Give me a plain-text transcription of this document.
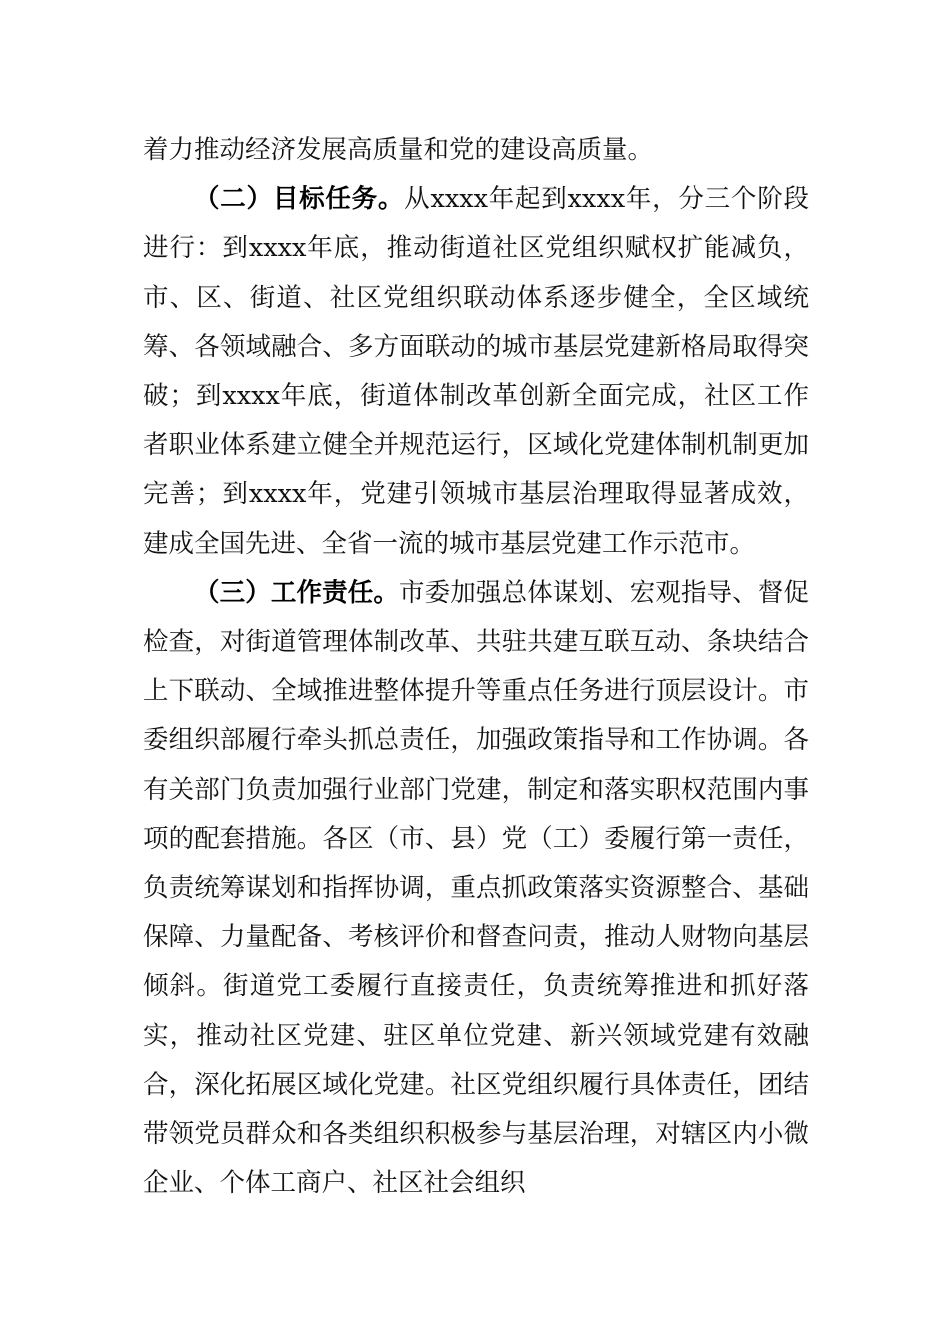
着力推动经济发展高质量和党的建设高质量。

（二）目标任务。从xxxx年起到xxxx年，分三个阶段进行：到xxxx年底，推动街道社区党组织赋权扩能减负，市、区、街道、社区党组织联动体系逐步健全，全区域统筹、各领域融合、多方面联动的城市基层党建新格局取得突破；到xxxx年底，街道体制改革创新全面完成，社区工作者职业体系建立健全并规范运行，区域化党建体制机制更加完善；到xxxx年，党建引领城市基层治理取得显著成效，建成全国先进、全省一流的城市基层党建工作示范市。

（三）工作责任。市委加强总体谋划、宏观指导、督促检查，对街道管理体制改革、共驻共建互联互动、条块结合上下联动、全域推进整体提升等重点任务进行顶层设计。市委组织部履行牵头抓总责任，加强政策指导和工作协调。各有关部门负责加强行业部门党建，制定和落实职权范围内事项的配套措施。各区（市、县）党（工）委履行第一责任，负责统筹谋划和指挥协调，重点抓政策落实资源整合、基础保障、力量配备、考核评价和督查问责，推动人财物向基层倾斜。街道党工委履行直接责任，负责统筹推进和抓好落实，推动社区党建、驻区单位党建、新兴领域党建有效融合，深化拓展区域化党建。社区党组织履行具体责任，团结带领党员群众和各类组织积极参与基层治理，对辖区内小微企业、个体工商户、社区社会组织
